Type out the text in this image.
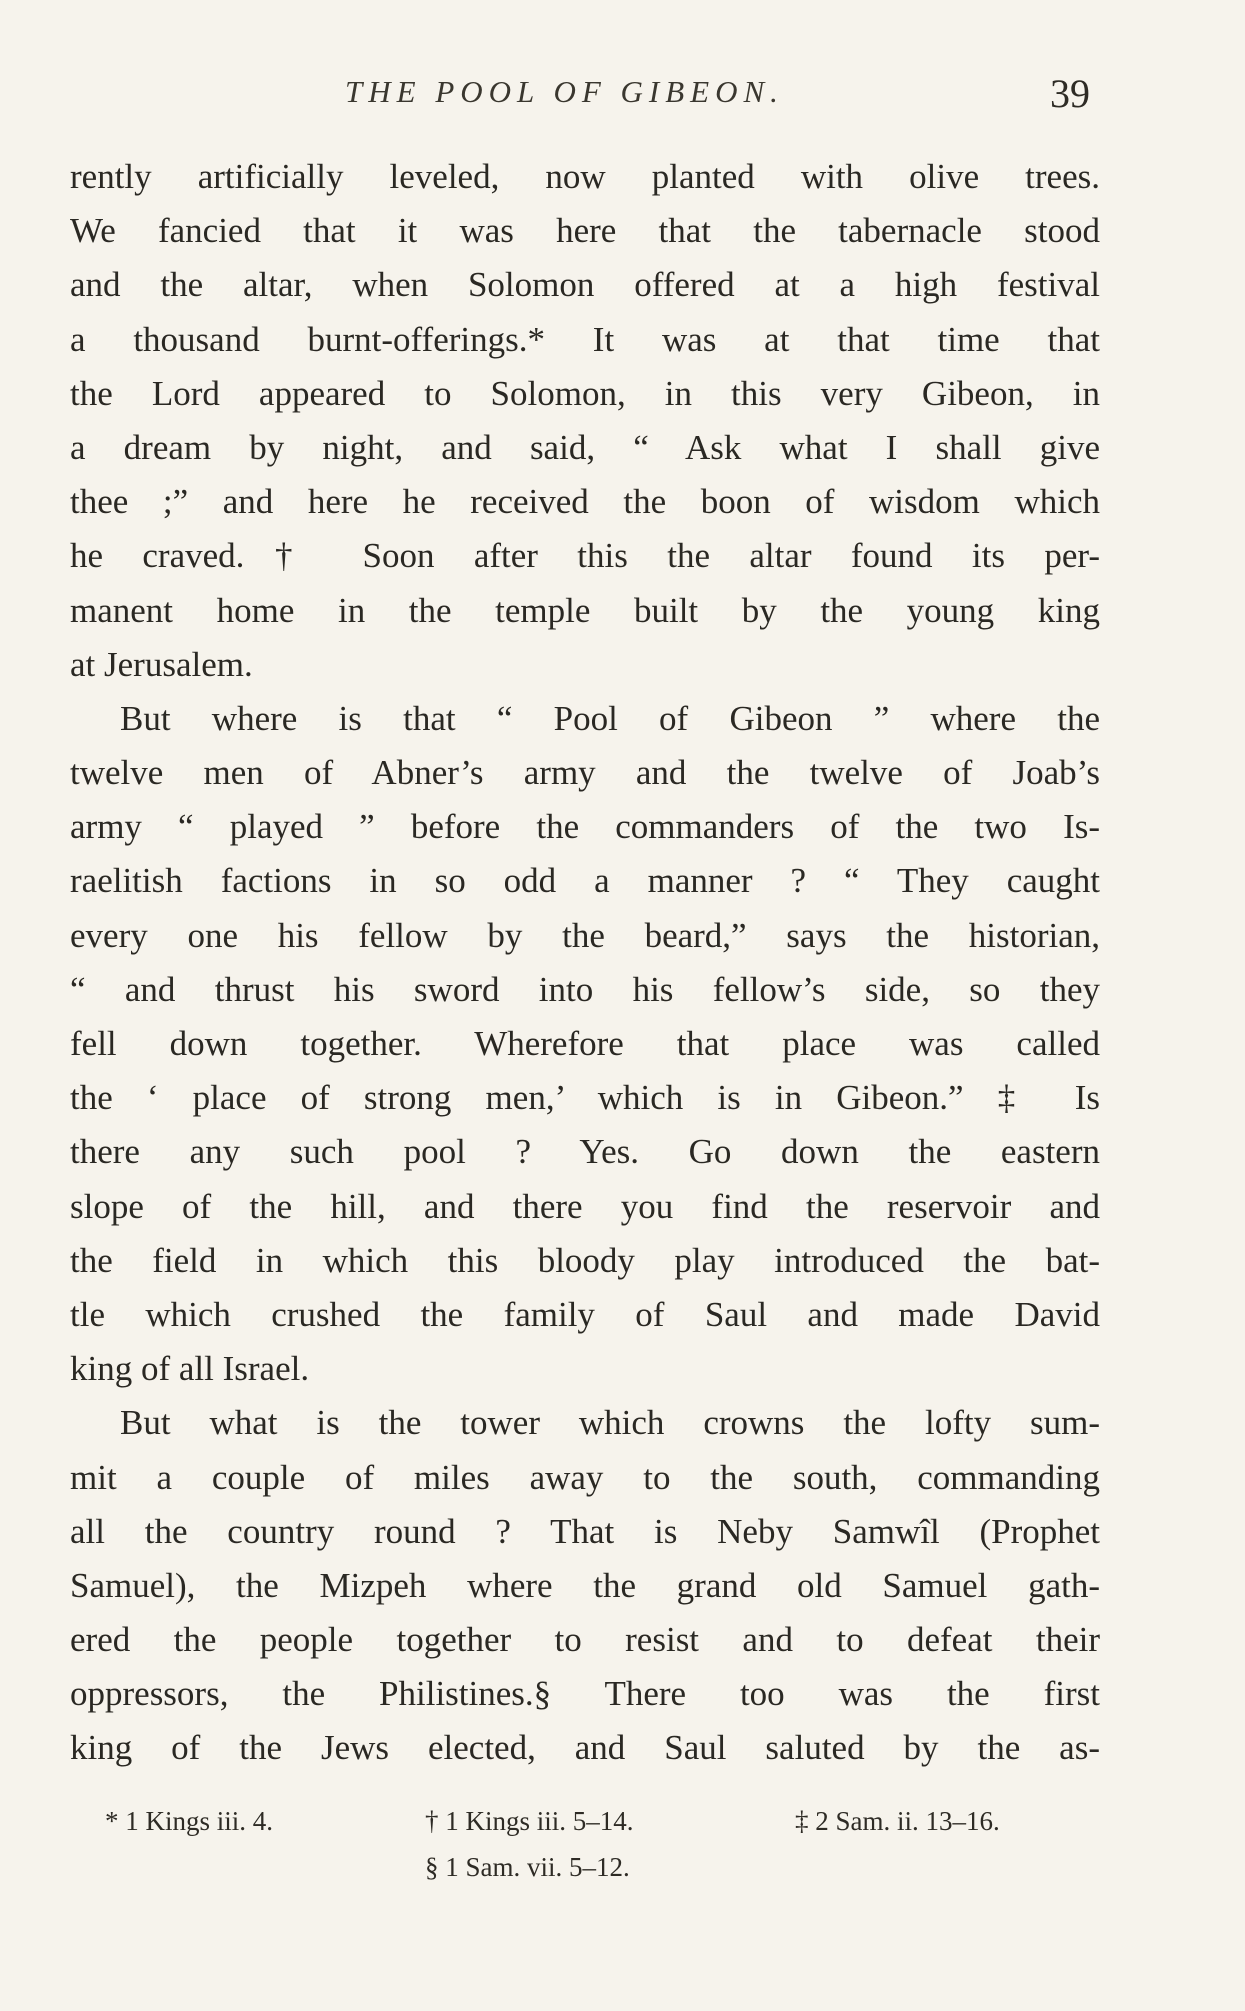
THE POOL OF GIBEON.	39
rently artificially leveled, now planted with olive trees.
We fancied that it was here that the tabernacle stood
and the altar, when Solomon offered at a high festival
a thousand burnt-offerings.* It was at that time that
the Lord appeared to Solomon, in this very Gibeon, in
a dream by night, and said, “ Ask what I shall give
thee ;” and here he received the boon of wisdom which
he craved.† Soon after this the altar found its per-
manent home in the temple built by the young king
at Jerusalem.
But where is that “ Pool of Gibeon ” where the
twelve men of Abner’s army and the twelve of Joab’s
army “ played ” before the commanders of the two Is-
raelitish factions in so odd a manner ? “ They caught
every one his fellow by the beard,” says the historian,
“ and thrust his sword into his fellow’s side, so they
fell down together. Wherefore that place was called
the ‘ place of strong men,’ which is in Gibeon.” ‡ Is
there any such pool ? Yes. Go down the eastern
slope of the hill, and there you find the reservoir and
the field in which this bloody play introduced the bat-
tle which crushed the family of Saul and made David
king of all Israel.
But what is the tower which crowns the lofty sum-
mit a couple of miles away to the south, commanding
all the country round ? That is Neby Samwîl (Prophet
Samuel), the Mizpeh where the grand old Samuel gath-
ered the people together to resist and to defeat their
oppressors, the Philistines.§ There too was the first
king of the Jews elected, and Saul saluted by the as-
* 1 Kings iii. 4.	† 1 Kings iii. 5–14.	‡ 2 Sam. ii. 13–16.
§ 1 Sam. vii. 5–12.
